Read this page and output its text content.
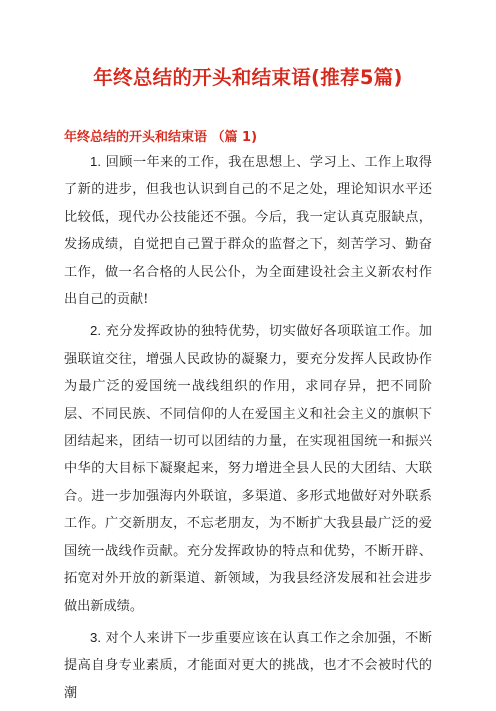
年终总结的开头和结束语(推荐5篇)
年终总结的开头和结束语 （篇 1)

1. 回顾一年来的工作，我在思想上、学习上、工作上取得了新的进步，但我也认识到自己的不足之处，理论知识水平还比较低，现代办公技能还不强。今后，我一定认真克服缺点，发扬成绩，自觉把自己置于群众的监督之下，刻苦学习、勤奋工作，做一名合格的人民公仆，为全面建设社会主义新农村作出自己的贡献!

2. 充分发挥政协的独特优势，切实做好各项联谊工作。加强联谊交往，增强人民政协的凝聚力，要充分发挥人民政协作为最广泛的爱国统一战线组织的作用，求同存异，把不同阶层、不同民族、不同信仰的人在爱国主义和社会主义的旗帜下团结起来，团结一切可以团结的力量，在实现祖国统一和振兴中华的大目标下凝聚起来，努力增进全县人民的大团结、大联合。进一步加强海内外联谊，多渠道、多形式地做好对外联系工作。广交新朋友，不忘老朋友，为不断扩大我县最广泛的爱国统一战线作贡献。充分发挥政协的特点和优势，不断开辟、拓宽对外开放的新渠道、新领域，为我县经济发展和社会进步做出新成绩。

3. 对个人来讲下一步重要应该在认真工作之余加强，不断提高自身专业素质，才能面对更大的挑战，也才不会被时代的潮
